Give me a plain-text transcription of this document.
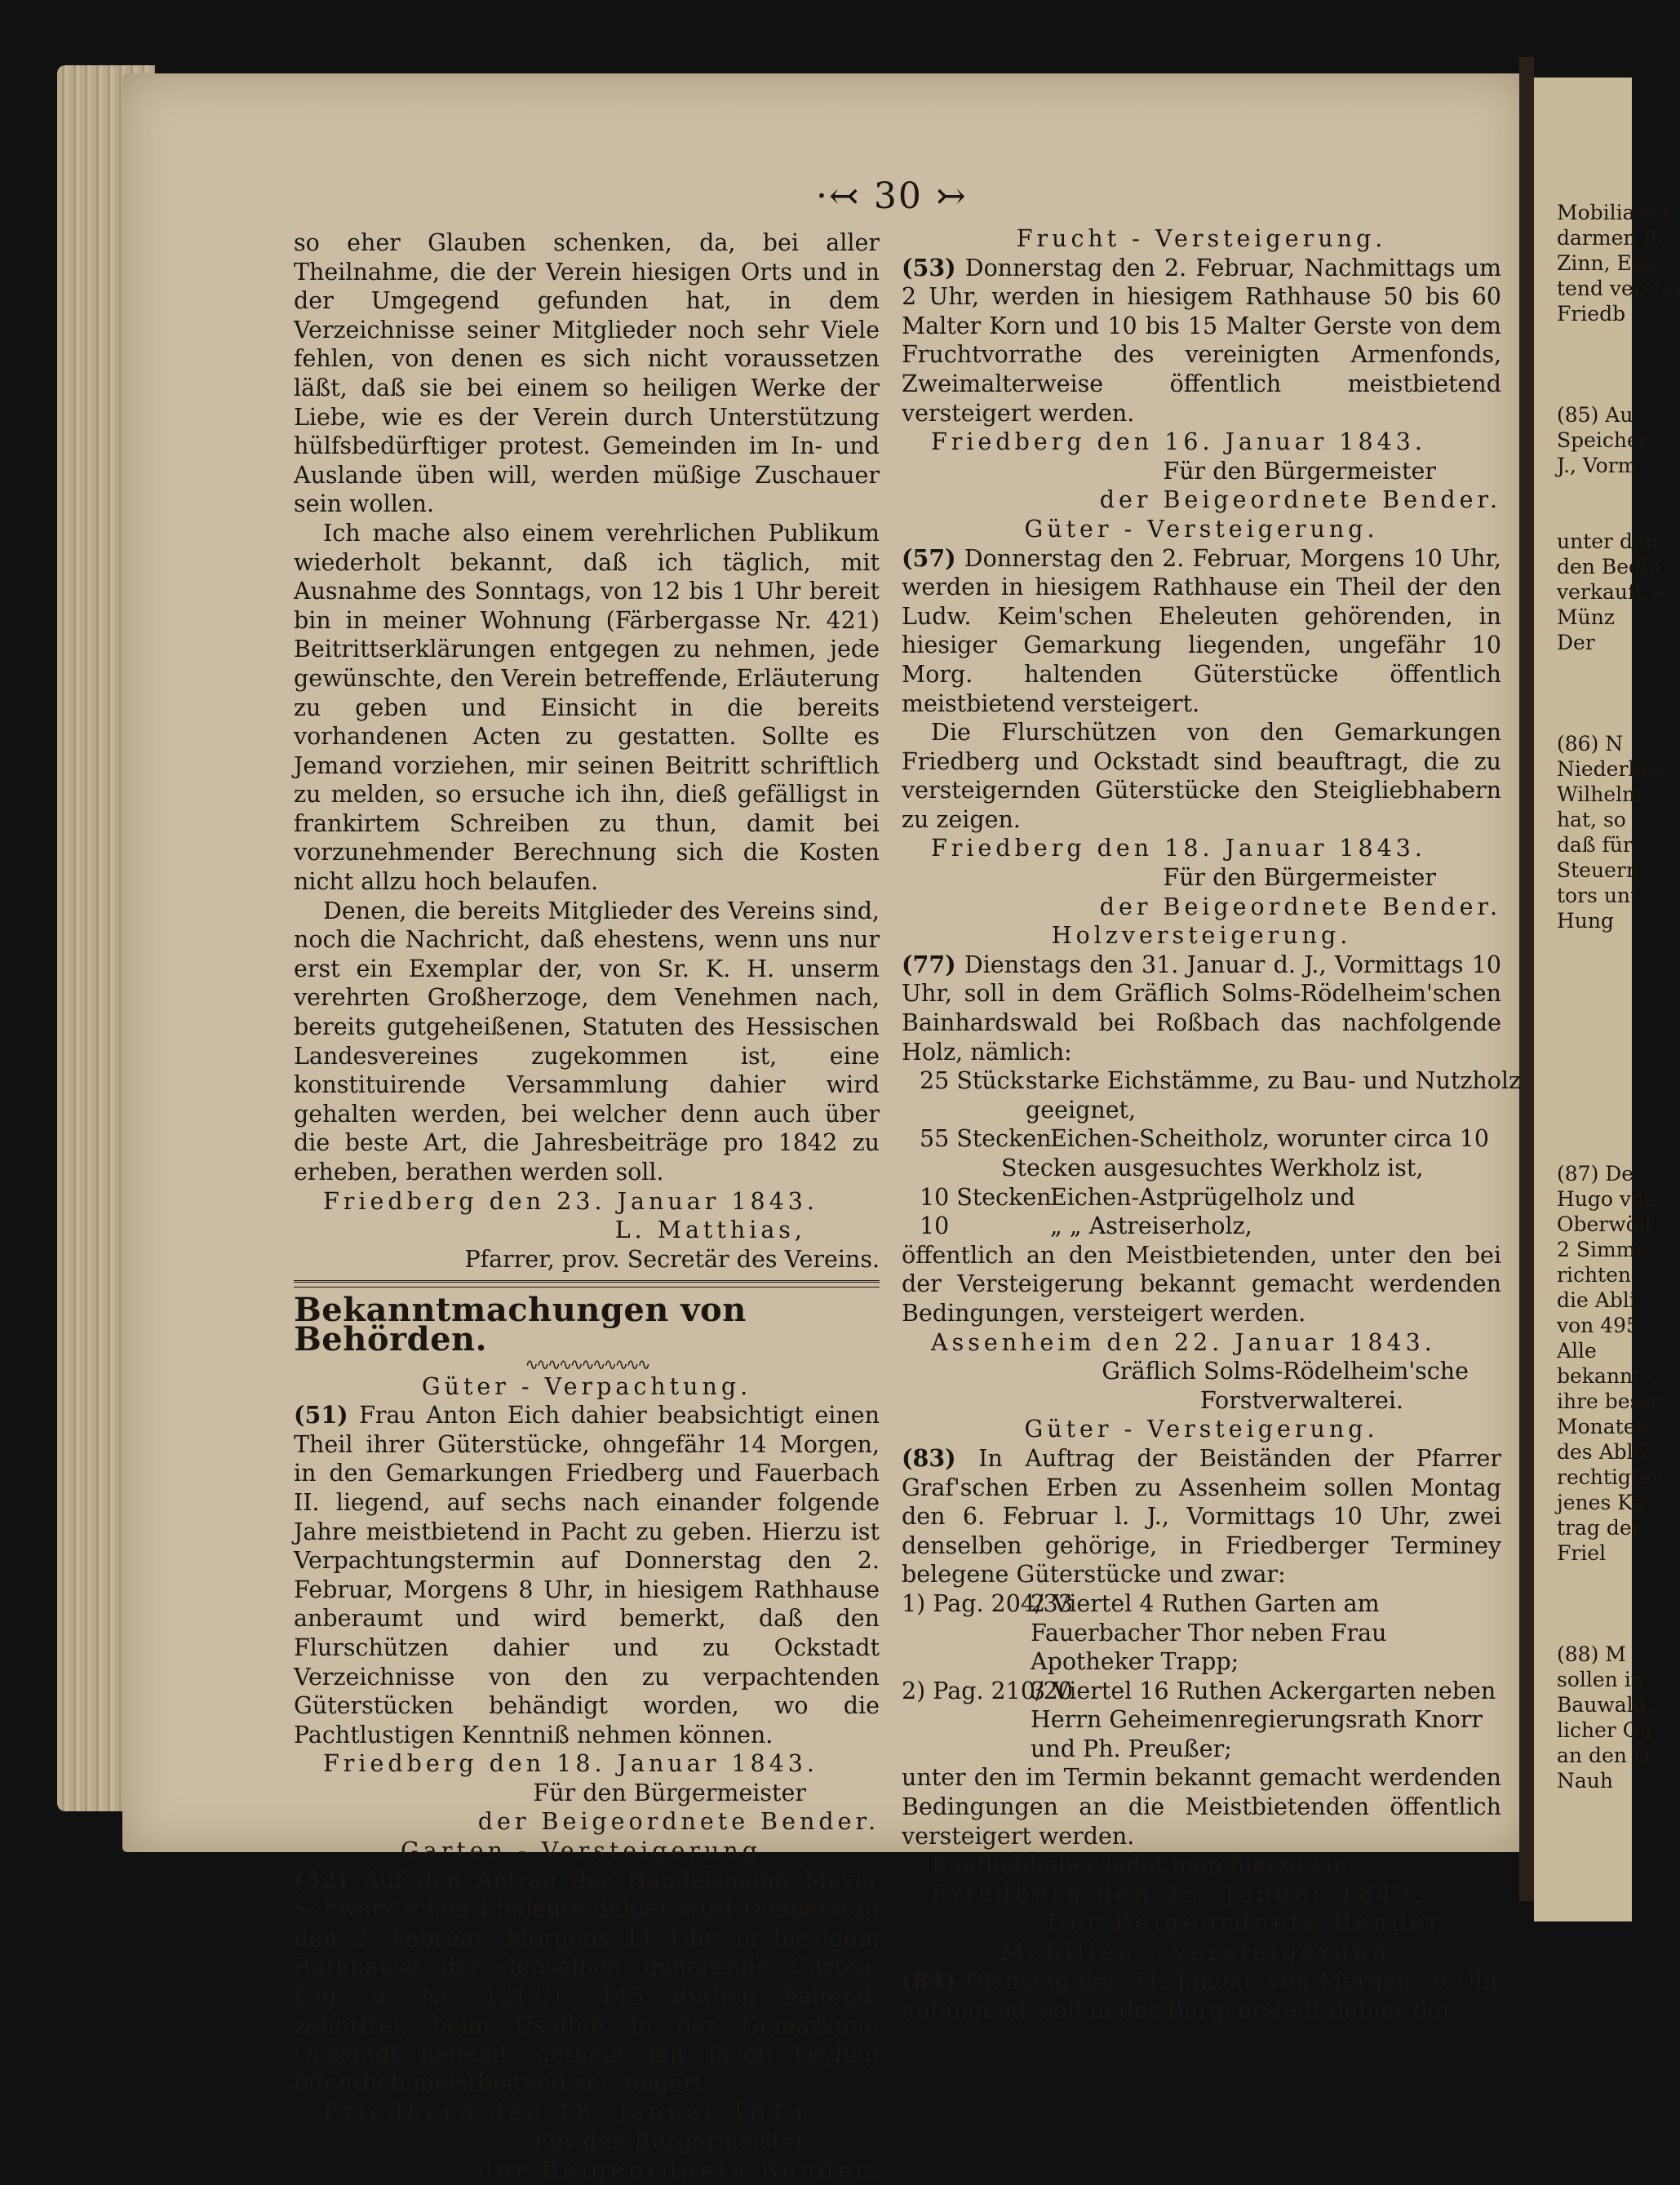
·↢ 30 ↣

so eher Glauben schenken, da, bei aller Theilnahme, die der Verein hiesigen Orts und in der Umgegend gefunden hat, in dem Verzeichnisse seiner Mitglieder noch sehr Viele fehlen, von denen es sich nicht voraussetzen läßt, daß sie bei einem so heiligen Werke der Liebe, wie es der Verein durch Unterstützung hülfsbedürftiger protest. Gemeinden im In- und Auslande üben will, werden müßige Zuschauer sein wollen.

Ich mache also einem verehrlichen Publikum wiederholt bekannt, daß ich täglich, mit Ausnahme des Sonntags, von 12 bis 1 Uhr bereit bin in meiner Wohnung (Färbergasse Nr. 421) Beitrittserklärungen entgegen zu nehmen, jede gewünschte, den Verein betreffende, Erläuterung zu geben und Einsicht in die bereits vorhandenen Acten zu gestatten. Sollte es Jemand vorziehen, mir seinen Beitritt schriftlich zu melden, so ersuche ich ihn, dieß gefälligst in frankirtem Schreiben zu thun, damit bei vorzunehmender Berechnung sich die Kosten nicht allzu hoch belaufen.

Denen, die bereits Mitglieder des Vereins sind, noch die Nachricht, daß ehestens, wenn uns nur erst ein Exemplar der, von Sr. K. H. unserm verehrten Großherzoge, dem Venehmen nach, bereits gutgeheißenen, Statuten des Hessischen Landesvereines zugekommen ist, eine konstituirende Versammlung dahier wird gehalten werden, bei welcher denn auch über die beste Art, die Jahresbeiträge pro 1842 zu erheben, berathen werden soll.

Friedberg den 23. Januar 1843.

L. Matthias,

Pfarrer, prov. Secretär des Vereins.

Bekanntmachungen von Behörden.
∿∿∿∿∿∿∿∿∿∿∿

Güter - Verpachtung.

(51) Frau Anton Eich dahier beabsichtigt einen Theil ihrer Güterstücke, ohngefähr 14 Morgen, in den Gemarkungen Friedberg und Fauerbach II. liegend, auf sechs nach einander folgende Jahre meistbietend in Pacht zu geben. Hierzu ist Verpachtungstermin auf Donnerstag den 2. Februar, Morgens 8 Uhr, in hiesigem Rathhause anberaumt und wird bemerkt, daß den Flurschützen dahier und zu Ockstadt Verzeichnisse von den zu verpachtenden Güterstücken behändigt worden, wo die Pachtlustigen Kenntniß nehmen können.

Friedberg den 18. Januar 1843.

Für den Bürgermeister

der Beigeordnete Bender.

Garten - Versteigerung.

(52) Auf den Antrag der Handelsmann Meyer Schwarz'schen Eheleute dahier wird Donnerstag den 2. Februar, Morgens 11 Uhr, in hiesigem Rathhause der denselben gehörende Garten, Pag. u. Nr. 1217/1, 145 Ruthen haltend, zehntfrei, beim Usafluß in der Gemarkung Ockstadt liegend, getheilt mit Jacob Feyling öffentlich meistbietend versteigert.

Friedberg den 18. Januar 1843.

Für den Bürgermeister

der Beigeordnete Bender.

Frucht - Versteigerung.

(53) Donnerstag den 2. Februar, Nachmittags um 2 Uhr, werden in hiesigem Rathhause 50 bis 60 Malter Korn und 10 bis 15 Malter Gerste von dem Fruchtvorrathe des vereinigten Armenfonds, Zweimalterweise öffentlich meistbietend versteigert werden.

Friedberg den 16. Januar 1843.

Für den Bürgermeister

der Beigeordnete Bender.

Güter - Versteigerung.

(57) Donnerstag den 2. Februar, Morgens 10 Uhr, werden in hiesigem Rathhause ein Theil der den Ludw. Keim'schen Eheleuten gehörenden, in hiesiger Gemarkung liegenden, ungefähr 10 Morg. haltenden Güterstücke öffentlich meistbietend versteigert.

Die Flurschützen von den Gemarkungen Friedberg und Ockstadt sind beauftragt, die zu versteigernden Güterstücke den Steigliebhabern zu zeigen.

Friedberg den 18. Januar 1843.

Für den Bürgermeister

der Beigeordnete Bender.

Holzversteigerung.

(77) Dienstags den 31. Januar d. J., Vormittags 10 Uhr, soll in dem Gräflich Solms-Rödelheim'schen Bainhardswald bei Roßbach das nachfolgende Holz, nämlich:

25 Stück starke Eichstämme, zu Bau- und Nutzholz
geeignet,
55 Stecken
Eichen-Scheitholz, worunter circa 10
Stecken ausgesuchtes Werkholz ist,
10 Stecken
Eichen-Astprügelholz und
10	„ „ Astreiserholz,

öffentlich an den Meistbietenden, unter den bei der Versteigerung bekannt gemacht werdenden Bedingungen, versteigert werden.

Assenheim den 22. Januar 1843.

Gräflich Solms-Rödelheim'sche

Forstverwalterei.

Güter - Versteigerung.

(83) In Auftrag der Beiständen der Pfarrer Graf'schen Erben zu Assenheim sollen Montag den 6. Februar l. J., Vormittags 10 Uhr, zwei denselben gehörige, in Friedberger Terminey belegene Güterstücke und zwar:

1) Pag. 204/33
2 Viertel 4 Ruthen Garten am Fauerbacher Thor neben Frau Apotheker Trapp;
2) Pag. 210/20
3 Viertel 16 Ruthen Ackergarten neben Herrn Geheimenregierungsrath Knorr und Ph. Preußer;

unter den im Termin bekannt gemacht werdenden Bedingungen an die Meistbietenden öffentlich versteigert werden.

Kaufliebhaber ladet man hierzu ein.

Friedberg den 25. Januar 1843.

Der Beigeordnete Bender.

Mobilien - Versteigerung.

(84) Dienstag den 31. Januar, von Morgens 9 Uhr anfangend, soll in der Burgvorstadt dahier der

Mobiliarna
darmen Be
Zinn, Eise
tend verstei
Friedb

(85) Au
Speicher
J., Vorm

unter den
den Bedin
verkauft w
Münz
Der

(86) N
Niederbes
Wilhelm
hat, so
daß für
Steuern
tors unt
Hung

(87) De
Hugo von
Oberwöll
2 Simme
richten,
die Abli
von 495
Alle
bekannt c
ihre bessc
Monaten
des Ablö
rechtigten
jenes Ka
trag der
Friel

(88) M
sollen in
Bauwald,
licher Gü
an den D
Nauh
